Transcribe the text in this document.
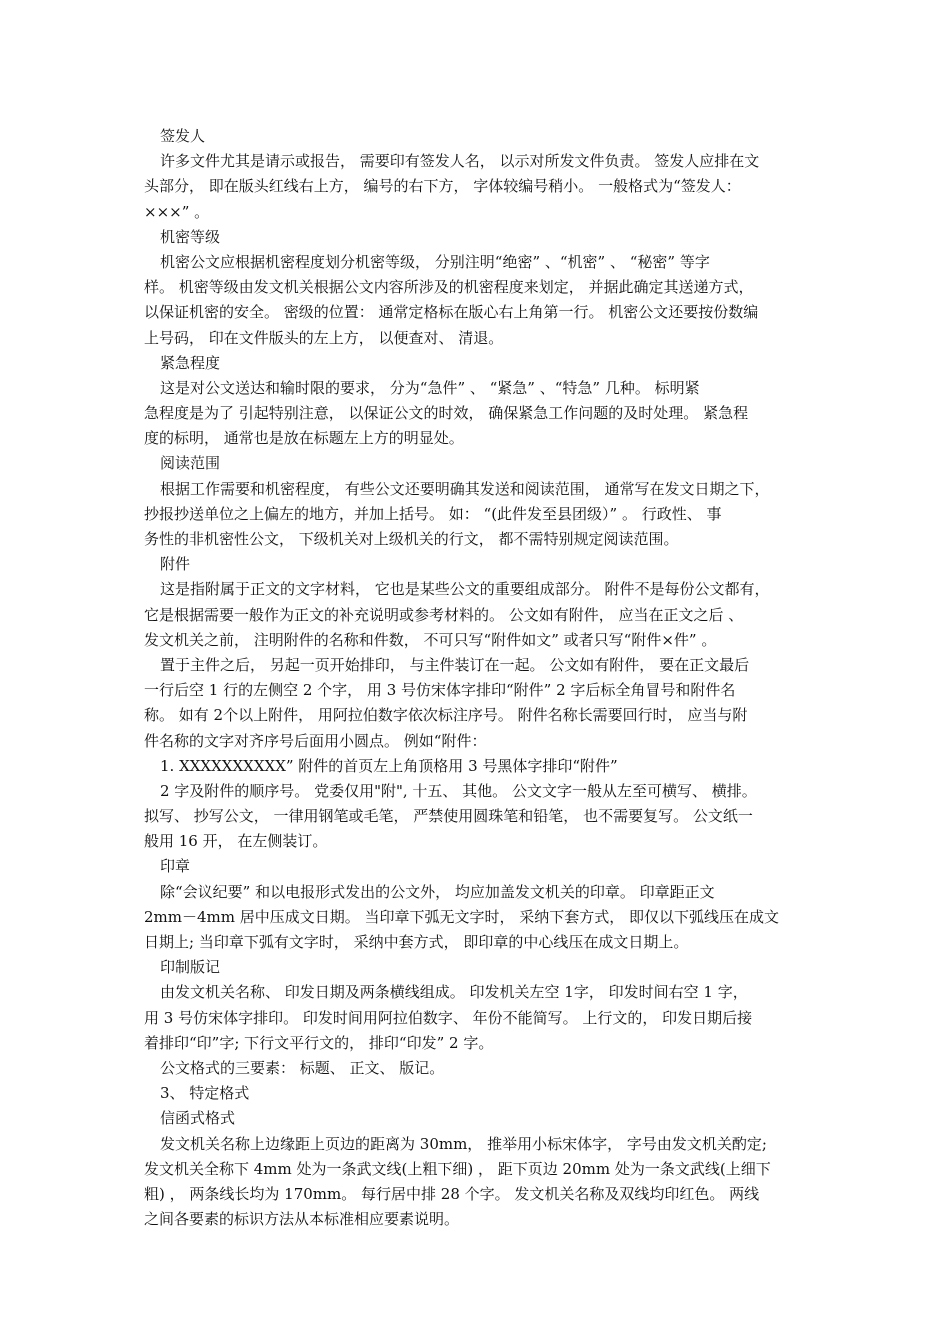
签发人
许多文件尤其是请示或报告， 需要印有签发人名， 以示对所发文件负责。 签发人应排在文
头部分， 即在版头红线右上方， 编号的右下方， 字体较编号稍小。 一般格式为“签发人：
×××” 。
机密等级
机密公文应根据机密程度划分机密等级， 分别注明“绝密” 、“机密” 、 “秘密” 等字
样。 机密等级由发文机关根据公文内容所涉及的机密程度来划定， 并据此确定其送递方式，
以保证机密的安全。 密级的位置： 通常定格标在版心右上角第一行。 机密公文还要按份数编
上号码， 印在文件版头的左上方， 以便查对、 清退。
紧急程度
这是对公文送达和输时限的要求， 分为“急件” 、 “紧急” 、“特急” 几种。 标明紧
急程度是为了 引起特别注意， 以保证公文的时效， 确保紧急工作问题的及时处理。 紧急程
度的标明， 通常也是放在标题左上方的明显处。
阅读范围
根据工作需要和机密程度， 有些公文还要明确其发送和阅读范围， 通常写在发文日期之下，
抄报抄送单位之上偏左的地方，并加上括号。 如： “(此件发至县团级）” 。 行政性、 事
务性的非机密性公文， 下级机关对上级机关的行文， 都不需特别规定阅读范围。
附件
这是指附属于正文的文字材料， 它也是某些公文的重要组成部分。 附件不是每份公文都有，
它是根据需要一般作为正文的补充说明或参考材料的。 公文如有附件， 应当在正文之后 、
发文机关之前， 注明附件的名称和件数， 不可只写“附件如文” 或者只写“附件×件” 。
置于主件之后， 另起一页开始排印， 与主件装订在一起。 公文如有附件， 要在正文最后
一行后空 1 行的左侧空 2 个字， 用 3 号仿宋体字排印“附件” 2 字后标全角冒号和附件名
称。 如有 2个以上附件， 用阿拉伯数字依次标注序号。 附件名称长需要回行时， 应当与附
件名称的文字对齐序号后面用小圆点。 例如“附件：
1. XXXXXXXXXX” 附件的首页左上角顶格用 3 号黑体字排印“附件”
2 字及附件的顺序号。 党委仅用"附", 十五、 其他。 公文文字一般从左至可横写、 横排。
拟写、 抄写公文， 一律用钢笔或毛笔， 严禁使用圆珠笔和铅笔， 也不需要复写。 公文纸一
般用 16 开， 在左侧装订。
印章
除“会议纪要” 和以电报形式发出的公文外， 均应加盖发文机关的印章。 印章距正文
2mm－4mm 居中压成文日期。 当印章下弧无文字时， 采纳下套方式， 即仅以下弧线压在成文
日期上; 当印章下弧有文字时， 采纳中套方式， 即印章的中心线压在成文日期上。
印制版记
由发文机关名称、 印发日期及两条横线组成。 印发机关左空 1字， 印发时间右空 1 字，
用 3 号仿宋体字排印。 印发时间用阿拉伯数字、 年份不能简写。 上行文的， 印发日期后接
着排印“印”字; 下行文平行文的， 排印“印发” 2 字。
公文格式的三要素： 标题、 正文、 版记。
3、 特定格式
信函式格式
发文机关名称上边缘距上页边的距离为 30mm， 推举用小标宋体字， 字号由发文机关酌定;
发文机关全称下 4mm 处为一条武文线(上粗下细) ， 距下页边 20mm 处为一条文武线(上细下
粗) ， 两条线长均为 170mm。 每行居中排 28 个字。 发文机关名称及双线均印红色。 两线
之间各要素的标识方法从本标准相应要素说明。
